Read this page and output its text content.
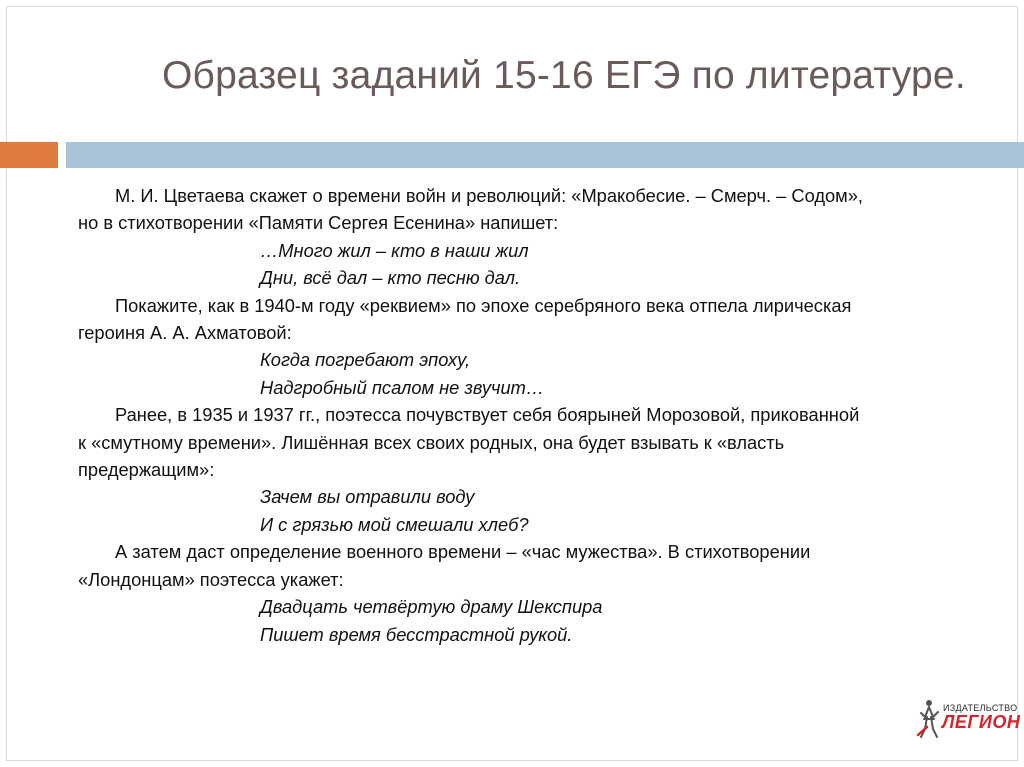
Образец заданий 15-16 ЕГЭ по литературе.
М. И. Цветаева скажет о времени войн и революций: «Мракобесие. – Смерч. – Содом»,
но в стихотворении «Памяти Сергея Есенина» напишет:
…Много жил – кто в наши жил
Дни, всё дал – кто песню дал.
Покажите, как в 1940-м году «реквием» по эпохе серебряного века отпела лирическая
героиня А. А. Ахматовой:
Когда погребают эпоху,
Надгробный псалом не звучит…
Ранее, в 1935 и 1937 гг., поэтесса почувствует себя боярыней Морозовой, прикованной
к «смутному времени». Лишённая всех своих родных, она будет взывать к «власть
предержащим»:
Зачем вы отравили воду
И с грязью мой смешали хлеб?
А затем даст определение военного времени – «час мужества». В стихотворении
«Лондонцам» поэтесса укажет:
Двадцать четвёртую драму Шекспира
Пишет время бесстрастной рукой.
ИЗДАТЕЛЬСТВО
ЛЕГИОН
